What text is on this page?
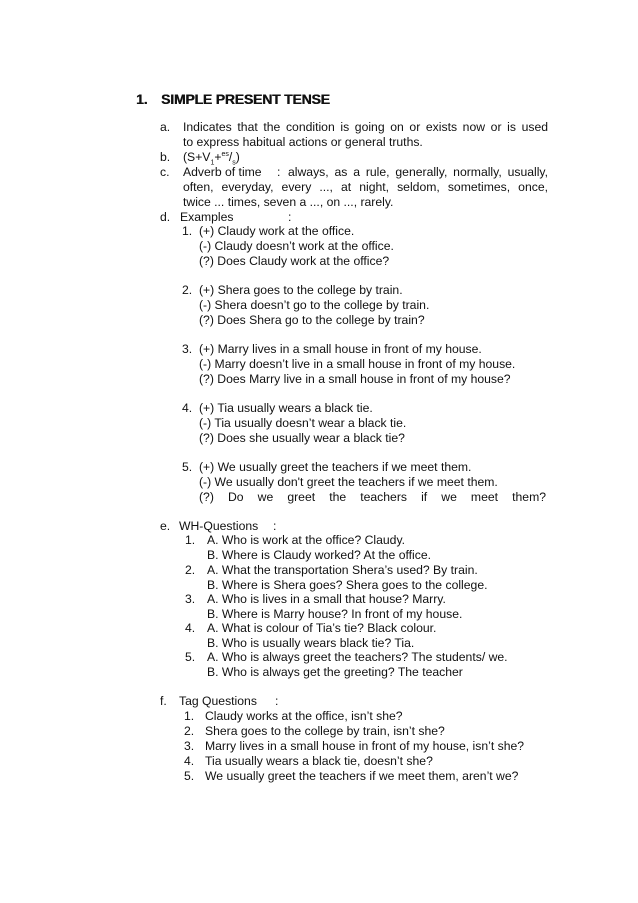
1. SIMPLE PRESENT TENSE
a. Indicates that the condition is going on or exists now or is used
to express habitual actions or general truths.
b. $(S+V_1+^{es}/_s)$
c. Adverb of time : always, as a rule, generally, normally, usually,
often, everyday, every ..., at night, seldom, sometimes, once,
twice ... times, seven a ..., on ..., rarely.
d. Examples	:
1. (+) Claudy work at the office.
(-) Claudy doesn’t work at the office.
(?) Does Claudy work at the office?
2. (+) Shera goes to the college by train.
(-) Shera doesn’t go to the college by train.
(?) Does Shera go to the college by train?
3. (+) Marry lives in a small house in front of my house.
(-) Marry doesn’t live in a small house in front of my house.
(?) Does Marry live in a small house in front of my house?
4. (+) Tia usually wears a black tie.
(-) Tia usually doesn’t wear a black tie.
(?) Does she usually wear a black tie?
5. (+) We usually greet the teachers if we meet them.
(-) We usually don't greet the teachers if we meet them.
(?) Do we greet the teachers if we meet them?
e. WH-Questions :
1. A. Who is work at the office? Claudy.
B. Where is Claudy worked? At the office.
2. A. What the transportation Shera’s used? By train.
B. Where is Shera goes? Shera goes to the college.
3. A. Who is lives in a small that house? Marry.
B. Where is Marry house? In front of my house.
4. A. What is colour of Tia’s tie? Black colour.
B. Who is usually wears black tie? Tia.
5. A. Who is always greet the teachers? The students/ we.
B. Who is always get the greeting? The teacher
f. Tag Questions :
1. Claudy works at the office, isn’t she?
2. Shera goes to the college by train, isn’t she?
3. Marry lives in a small house in front of my house, isn’t she?
4. Tia usually wears a black tie, doesn’t she?
5. We usually greet the teachers if we meet them, aren’t we?
